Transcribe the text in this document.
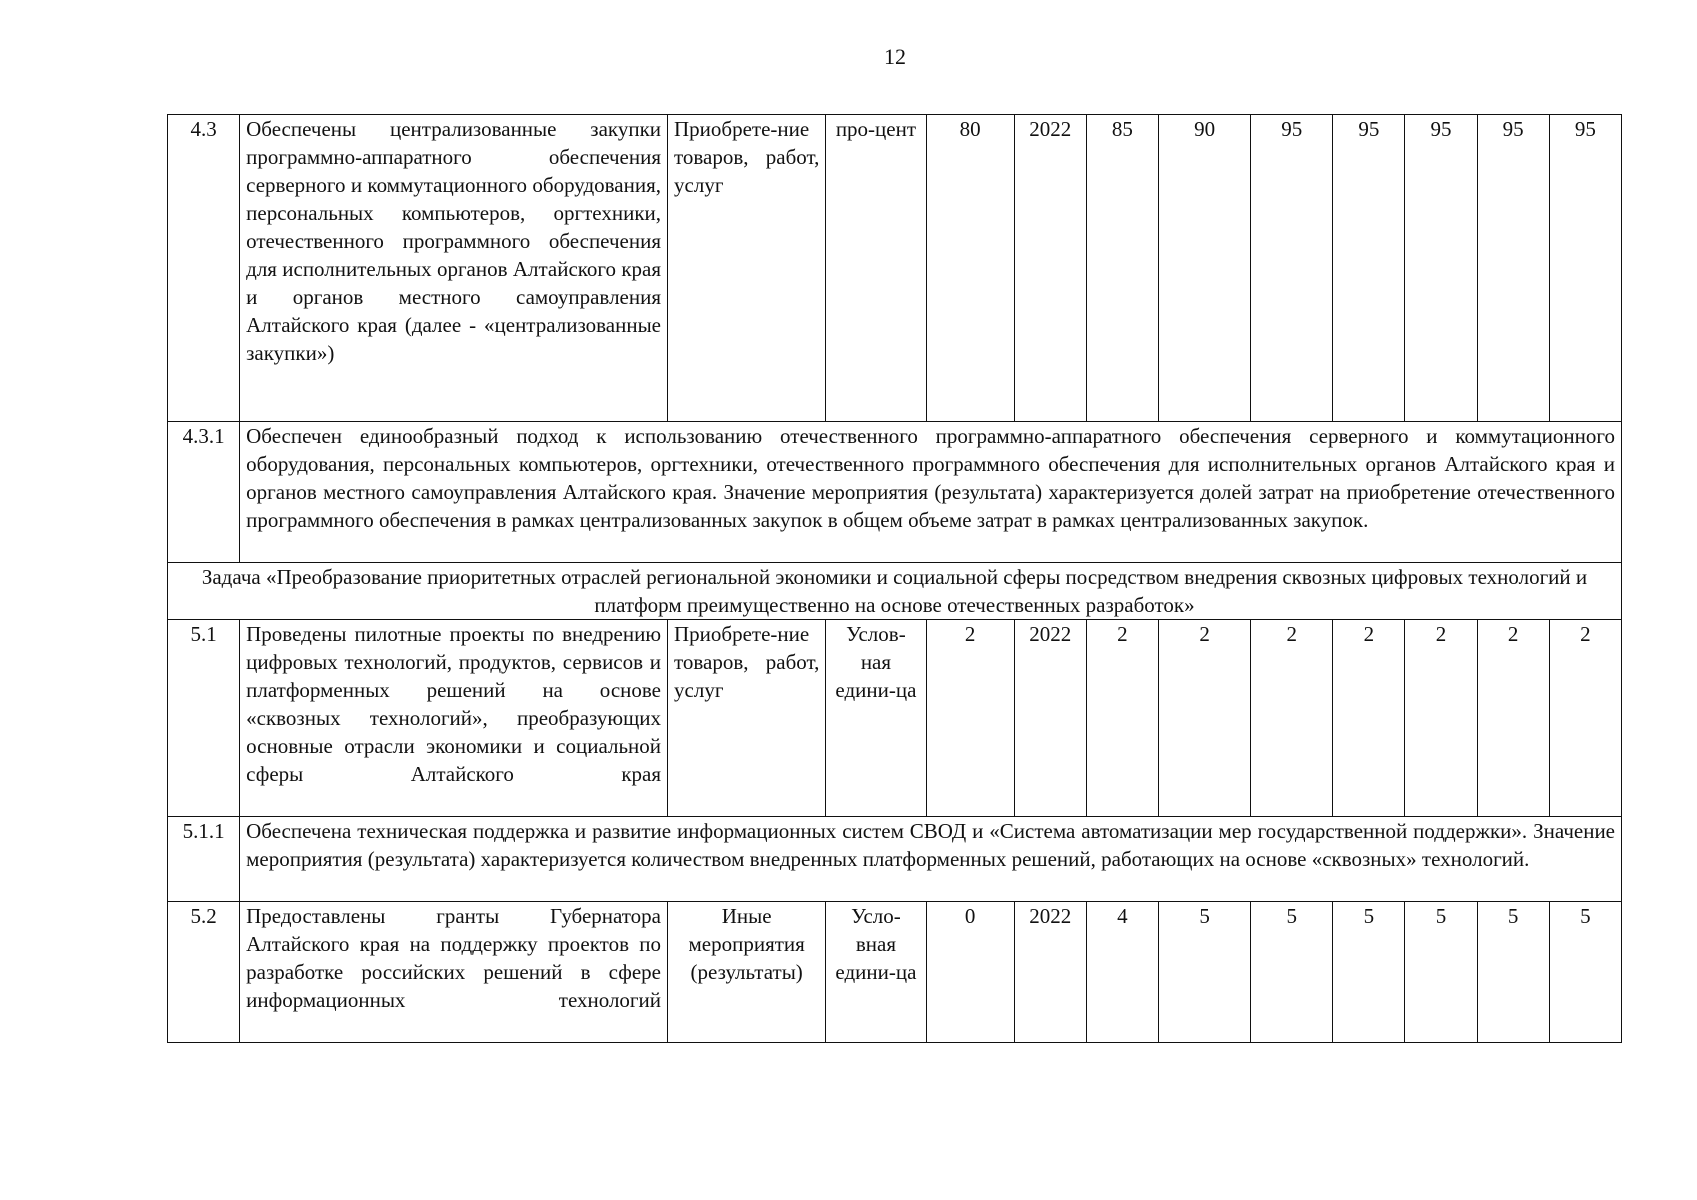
12
4.3	Обеспечены централизованные закупки программно-аппаратного обеспечения серверного и коммутационного оборудования, персональных компьютеров, оргтехники, отечественного программного обеспечения для исполнительных органов Алтайского края и органов местного самоуправления Алтайского края (далее - «централизованные закупки»)	Приобрете-ние товаров, работ, услуг	про-цент	80	2022	85	90	95	95	95	95	95
4.3.1	Обеспечен единообразный подход к использованию отечественного программно-аппаратного обеспечения серверного и коммутационного оборудования, персональных компьютеров, оргтехники, отечественного программного обеспечения для исполнительных органов Алтайского края и органов местного самоуправления Алтайского края. Значение мероприятия (результата) характеризуется долей затрат на приобретение отечественного программного обеспечения в рамках централизованных закупок в общем объеме затрат в рамках централизованных закупок.											
Задача «Преобразование приоритетных отраслей региональной экономики и социальной сферы посредством внедрения сквозных цифровых технологий и платформ преимущественно на основе отечественных разработок»												
5.1	Проведены пилотные проекты по внедрению цифровых технологий, продуктов, сервисов и платформенных решений на основе «сквозных технологий», преобразующих основные отрасли экономики и социальной сферы Алтайского края	Приобрете-ние товаров, работ, услуг	Услов-ная едини-ца	2	2022	2	2	2	2	2	2	2
5.1.1	Обеспечена техническая поддержка и развитие информационных систем СВОД и «Система автоматизации мер государственной поддержки». Значение мероприятия (результата) характеризуется количеством внедренных платформенных решений, работающих на основе «сквозных» технологий.											
5.2	Предоставлены гранты Губернатора Алтайского края на поддержку проектов по разработке российских решений в сфере информационных технологий	Иные мероприятия (результаты)	Усло-вная едини-ца	0	2022	4	5	5	5	5	5	5
